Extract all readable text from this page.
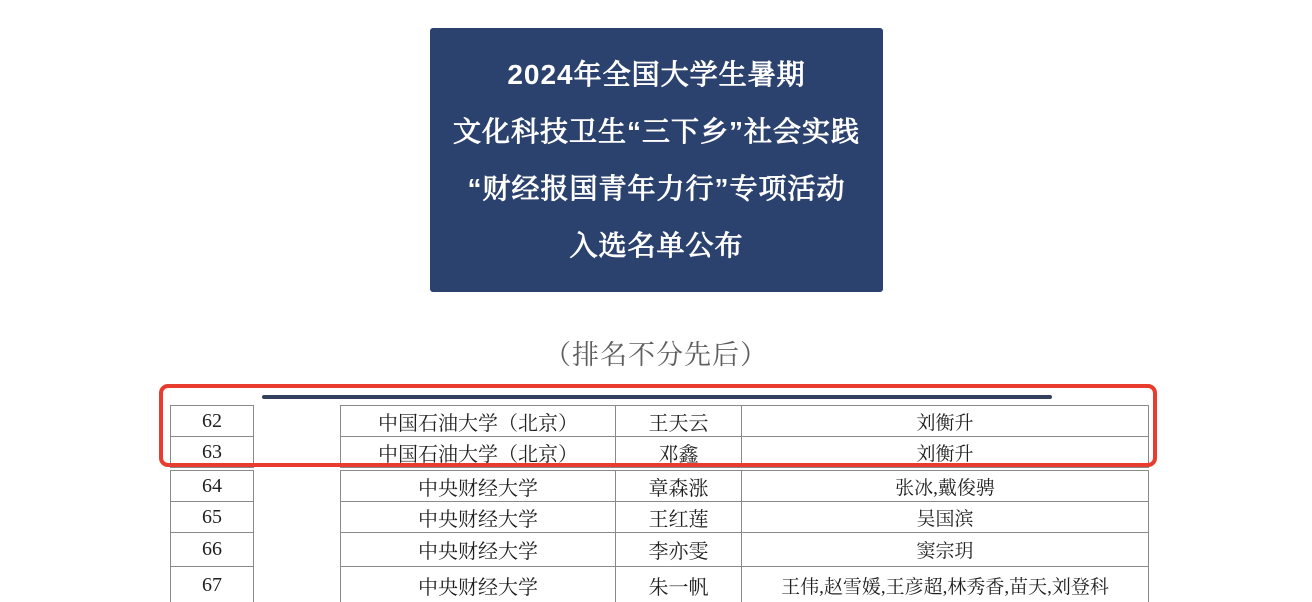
2024年全国大学生暑期
文化科技卫生“三下乡”社会实践
“财经报国青年力行”专项活动
入选名单公布
（排名不分先后）
62		中国石油大学（北京）	王天云	刘衡升
63		中国石油大学（北京）	邓鑫	刘衡升
64		中央财经大学	章森涨	张冰,戴俊骋
65		中央财经大学	王红莲	吴国滨
66		中央财经大学	李亦雯	窦宗玥
67		中央财经大学	朱一帆	王伟,赵雪媛,王彦超,林秀香,苗天,刘登科
